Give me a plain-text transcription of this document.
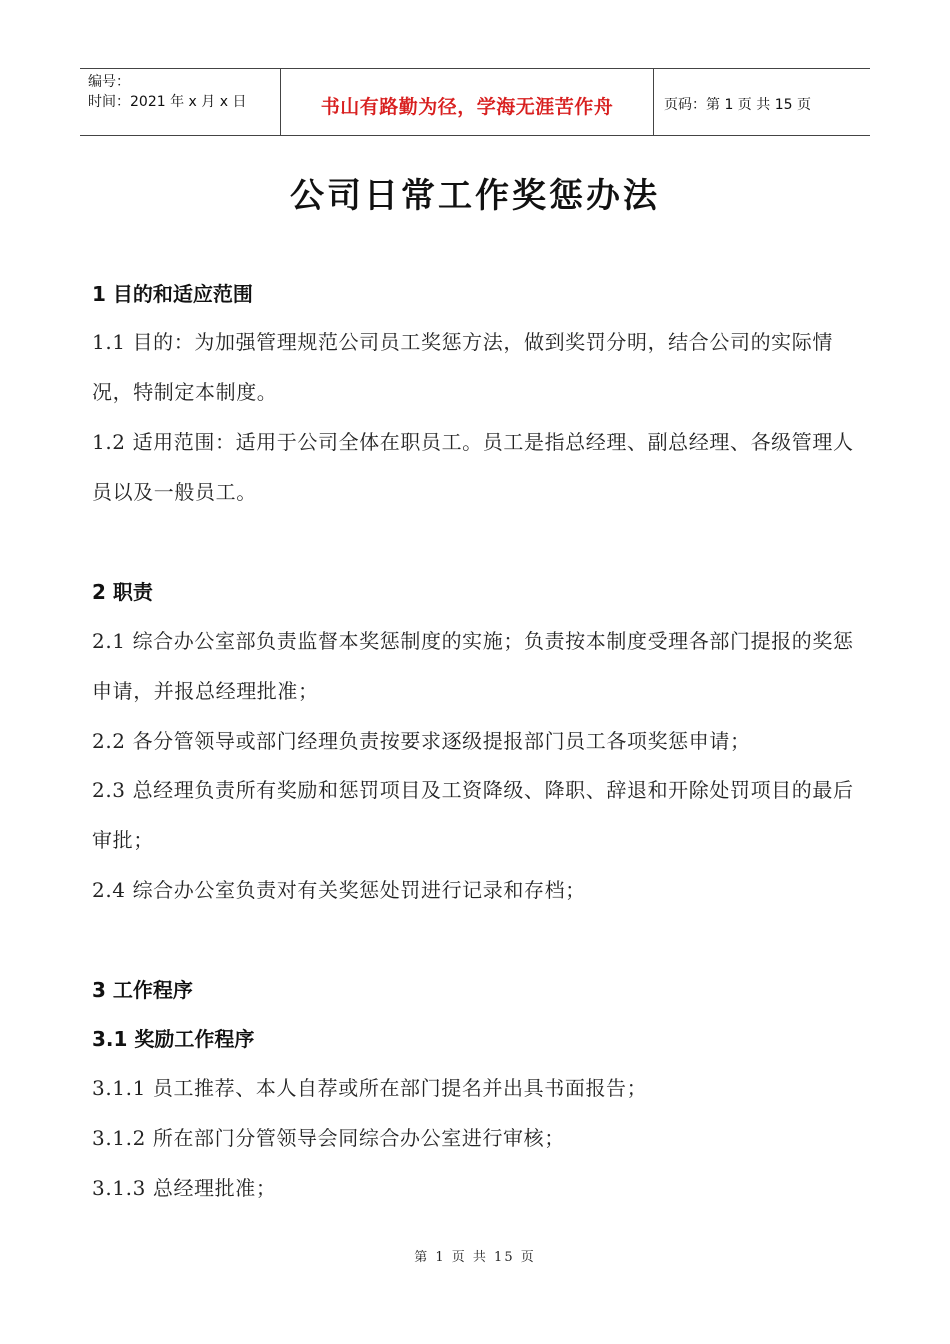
编号：
时间：2021 年 x 月 x 日	书山有路勤为径，学海无涯苦作舟	页码：第 1 页 共 15 页
公司日常工作奖惩办法
1 目的和适应范围
1.1 目的：为加强管理规范公司员工奖惩方法，做到奖罚分明，结合公司的实际情况，特制定本制度。
1.2 适用范围：适用于公司全体在职员工。员工是指总经理、副总经理、各级管理人员以及一般员工。
2 职责
2.1 综合办公室部负责监督本奖惩制度的实施；负责按本制度受理各部门提报的奖惩申请，并报总经理批准；
2.2 各分管领导或部门经理负责按要求逐级提报部门员工各项奖惩申请；
2.3 总经理负责所有奖励和惩罚项目及工资降级、降职、辞退和开除处罚项目的最后审批；
2.4 综合办公室负责对有关奖惩处罚进行记录和存档；
3 工作程序
3.1 奖励工作程序
3.1.1 员工推荐、本人自荐或所在部门提名并出具书面报告；
3.1.2 所在部门分管领导会同综合办公室进行审核；
3.1.3 总经理批准；
第 1 页 共 15 页
